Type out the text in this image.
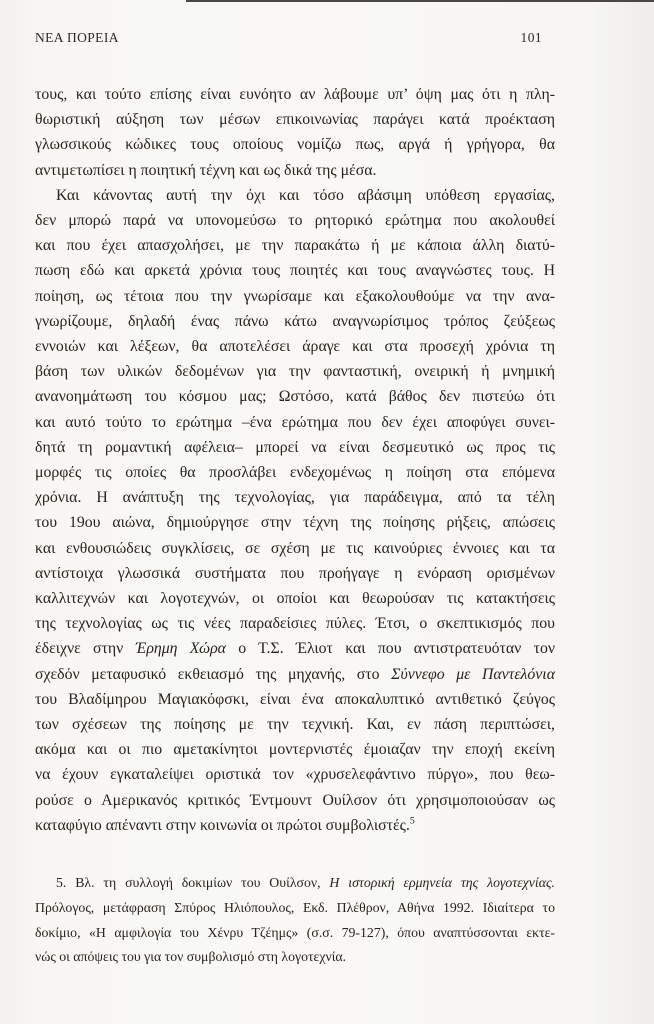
ΝΕΑ ΠΟΡΕΙΑ	101
τους, και τούτο επίσης είναι ευνόητο αν λάβουμε υπ’ όψη μας ότι η πλη-
θωριστική αύξηση των μέσων επικοινωνίας παράγει κατά προέκταση
γλωσσικούς κώδικες τους οποίους νομίζω πως, αργά ή γρήγορα, θα
αντιμετωπίσει η ποιητική τέχνη και ως δικά της μέσα.
Και κάνοντας αυτή την όχι και τόσο αβάσιμη υπόθεση εργασίας,
δεν μπορώ παρά να υπονομεύσω το ρητορικό ερώτημα που ακολουθεί
και που έχει απασχολήσει, με την παρακάτω ή με κάποια άλλη διατύ-
πωση εδώ και αρκετά χρόνια τους ποιητές και τους αναγνώστες τους. Η
ποίηση, ως τέτοια που την γνωρίσαμε και εξακολουθούμε να την ανα-
γνωρίζουμε, δηλαδή ένας πάνω κάτω αναγνωρίσιμος τρόπος ζεύξεως
εννοιών και λέξεων, θα αποτελέσει άραγε και στα προσεχή χρόνια τη
βάση των υλικών δεδομένων για την φανταστική, ονειρική ή μνημική
ανανοημάτωση του κόσμου μας; Ωστόσο, κατά βάθος δεν πιστεύω ότι
και αυτό τούτο το ερώτημα –ένα ερώτημα που δεν έχει αποφύγει συνει-
δητά τη ρομαντική αφέλεια– μπορεί να είναι δεσμευτικό ως προς τις
μορφές τις οποίες θα προσλάβει ενδεχομένως η ποίηση στα επόμενα
χρόνια. Η ανάπτυξη της τεχνολογίας, για παράδειγμα, από τα τέλη
του 19ου αιώνα, δημιούργησε στην τέχνη της ποίησης ρήξεις, απώσεις
και ενθουσιώδεις συγκλίσεις, σε σχέση με τις καινούριες έννοιες και τα
αντίστοιχα γλωσσικά συστήματα που προήγαγε η ενόραση ορισμένων
καλλιτεχνών και λογοτεχνών, οι οποίοι και θεωρούσαν τις κατακτήσεις
της τεχνολογίας ως τις νέες παραδείσιες πύλες. Έτσι, ο σκεπτικισμός που
έδειχνε στην Έρημη Χώρα ο Τ.Σ. Έλιοτ και που αντιστρατευόταν τον
σχεδόν μεταφυσικό εκθειασμό της μηχανής, στο Σύννεφο με Παντελόνια
του Βλαδίμηρου Μαγιακόφσκι, είναι ένα αποκαλυπτικό αντιθετικό ζεύγος
των σχέσεων της ποίησης με την τεχνική. Και, εν πάση περιπτώσει,
ακόμα και οι πιο αμετακίνητοι μοντερνιστές έμοιαζαν την εποχή εκείνη
να έχουν εγκαταλείψει οριστικά τον «χρυσελεφάντινο πύργο», που θεω-
ρούσε ο Αμερικανός κριτικός Έντμουντ Ουίλσον ότι χρησιμοποιούσαν ως
καταφύγιο απέναντι στην κοινωνία οι πρώτοι συμβολιστές.$^5$
5. Βλ. τη συλλογή δοκιμίων του Ουίλσον, Η ιστορική ερμηνεία της λογοτεχνίας.
Πρόλογος, μετάφραση Σπύρος Ηλιόπουλος, Εκδ. Πλέθρον, Αθήνα 1992. Ιδιαίτερα το
δοκίμιο, «Η αμφιλογία του Χένρυ Τζέημς» (σ.σ. 79-127), όπου αναπτύσσονται εκτε-
νώς οι απόψεις του για τον συμβολισμό στη λογοτεχνία.
